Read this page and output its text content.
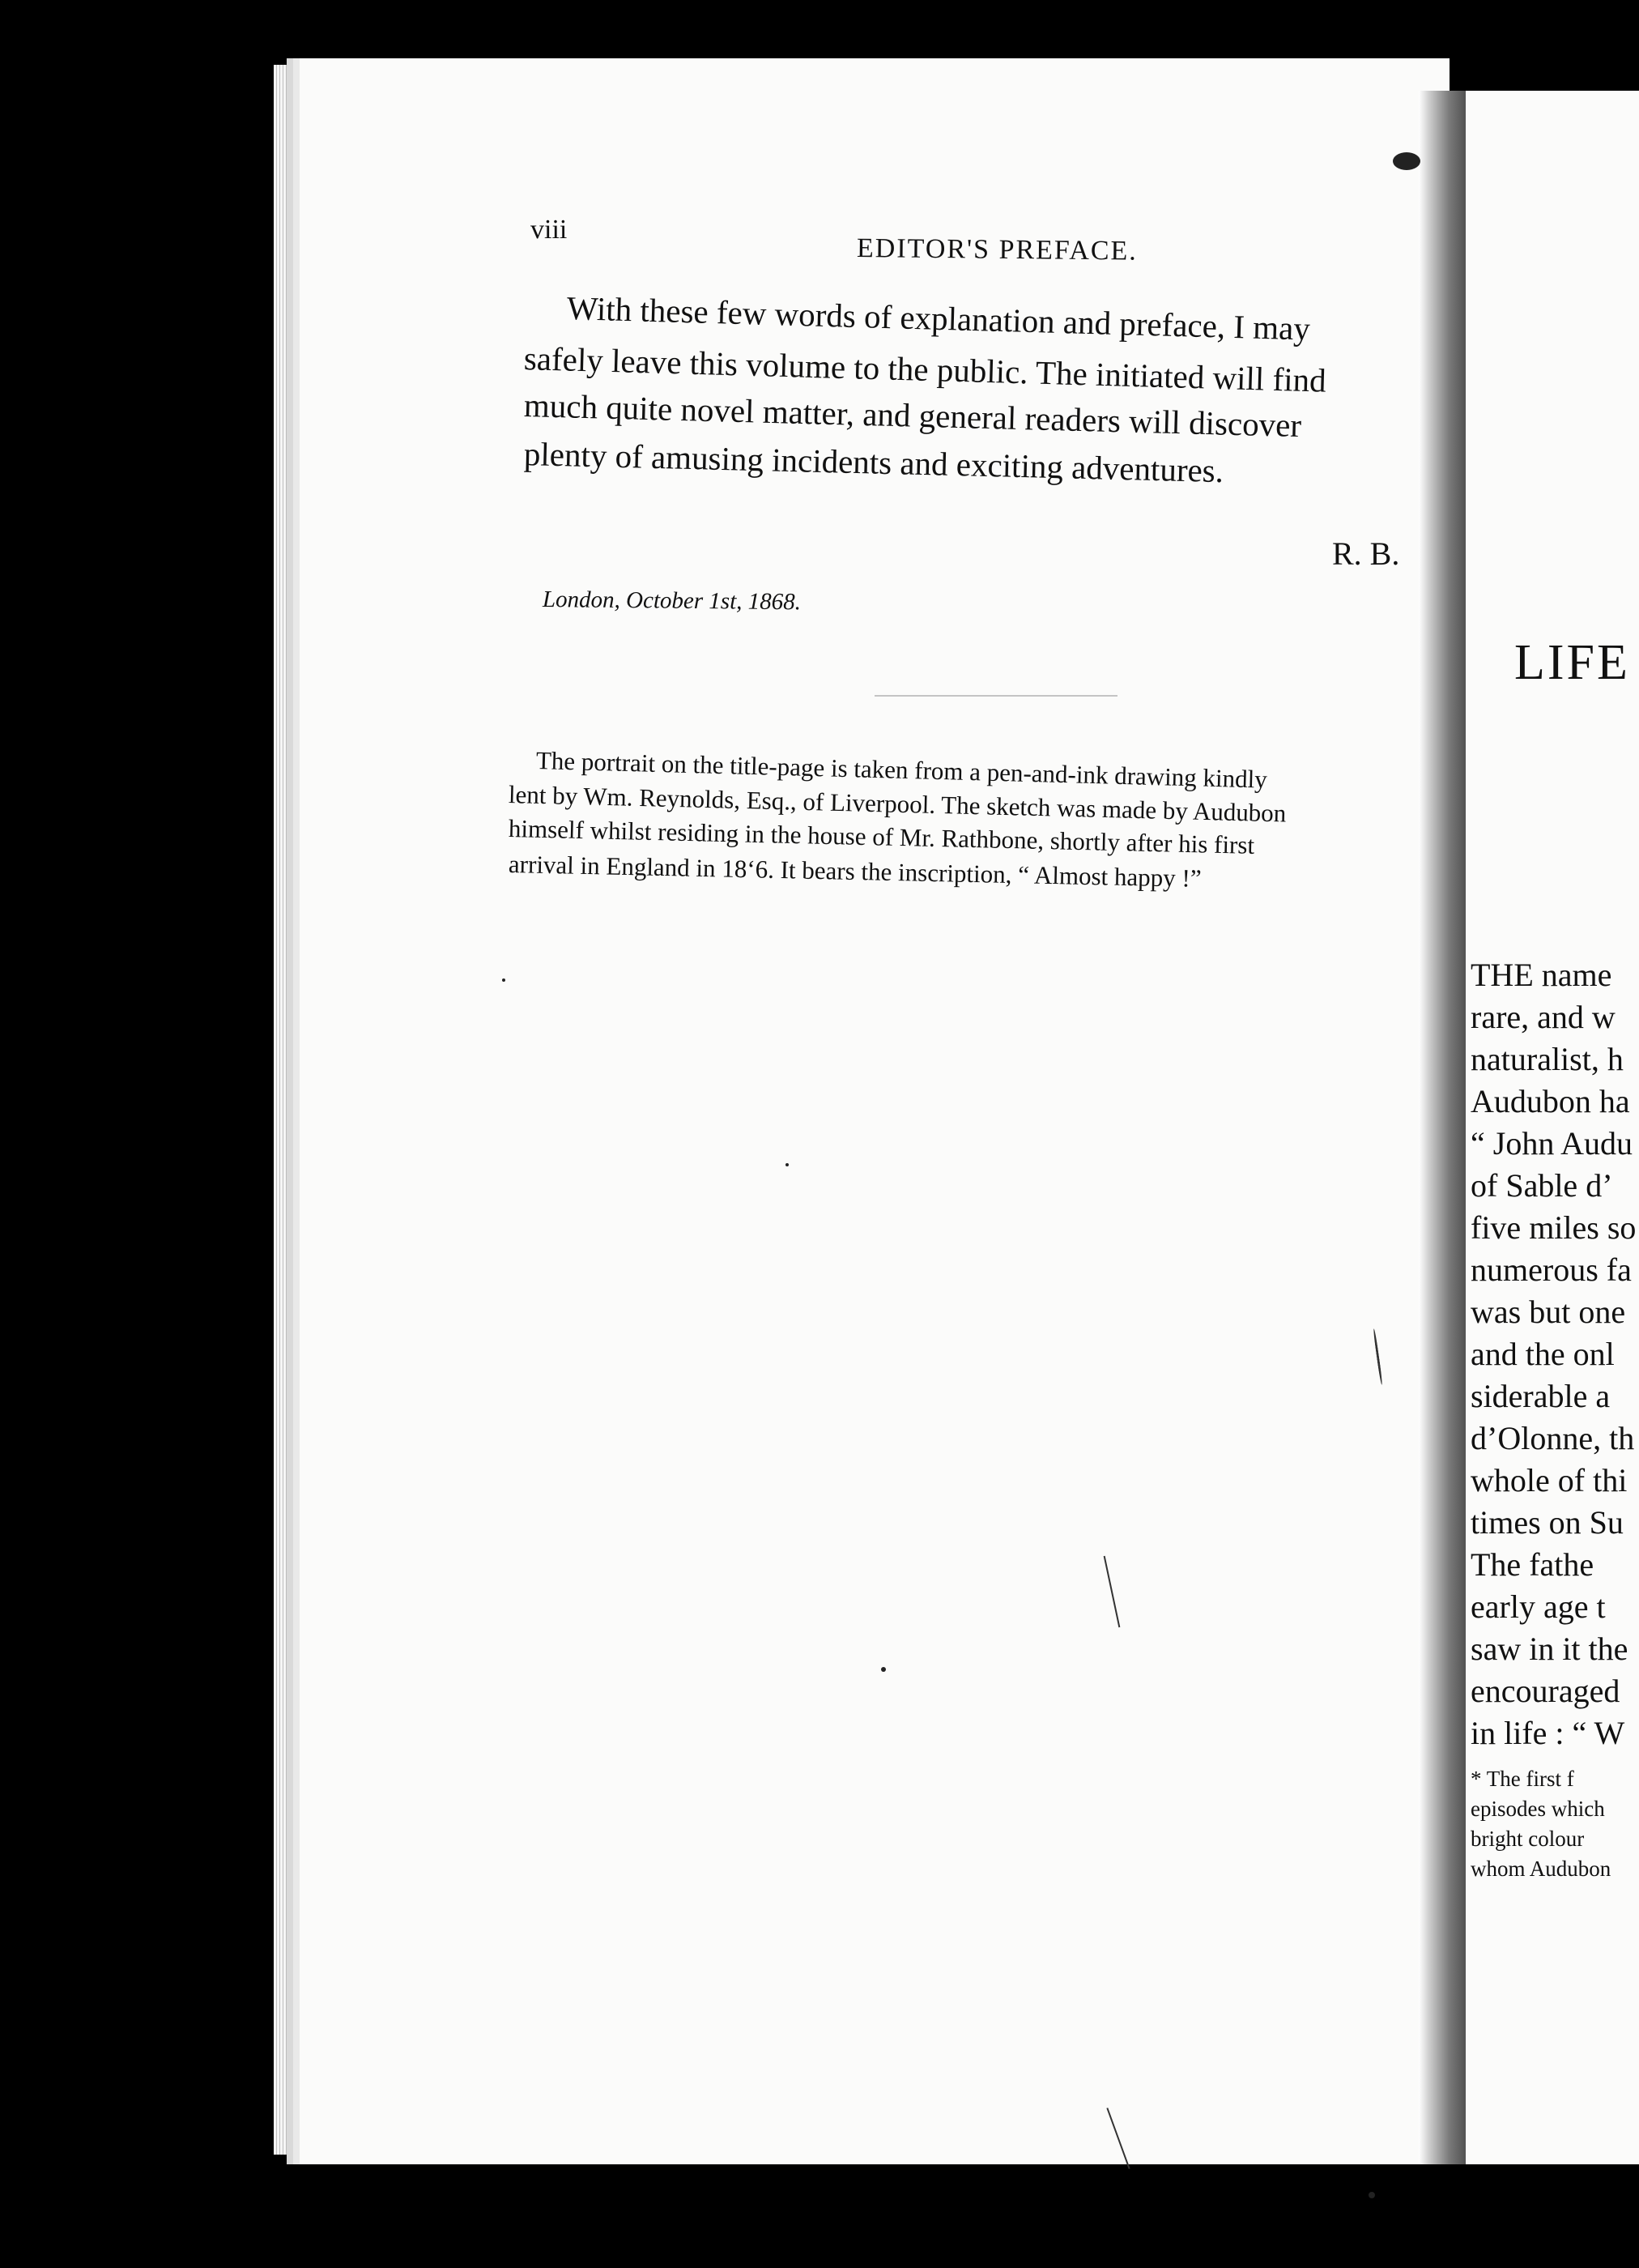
viii
EDITOR'S PREFACE.
With these few words of explanation and preface, I may
safely leave this volume to the public. The initiated will find
much quite novel matter, and general readers will discover
plenty of amusing incidents and exciting adventures.
R. B.
London, October 1st, 1868.
The portrait on the title-page is taken from a pen-and-ink drawing kindly
lent by Wm. Reynolds, Esq., of Liverpool. The sketch was made by Audubon
himself whilst residing in the house of Mr. Rathbone, shortly after his first
arrival in England in 18‘6. It bears the inscription, “ Almost happy !”
LIFE
THE name
rare, and w
naturalist, h
Audubon ha
“ John Audu
of Sable d’
five miles so
numerous fa
was but one
and the onl
siderable a
d’Olonne, th
whole of thi
times on Su
The fathe
early age t
saw in it the
encouraged
in life : “ W
* The first f
episodes which
bright colour
whom Audubon
